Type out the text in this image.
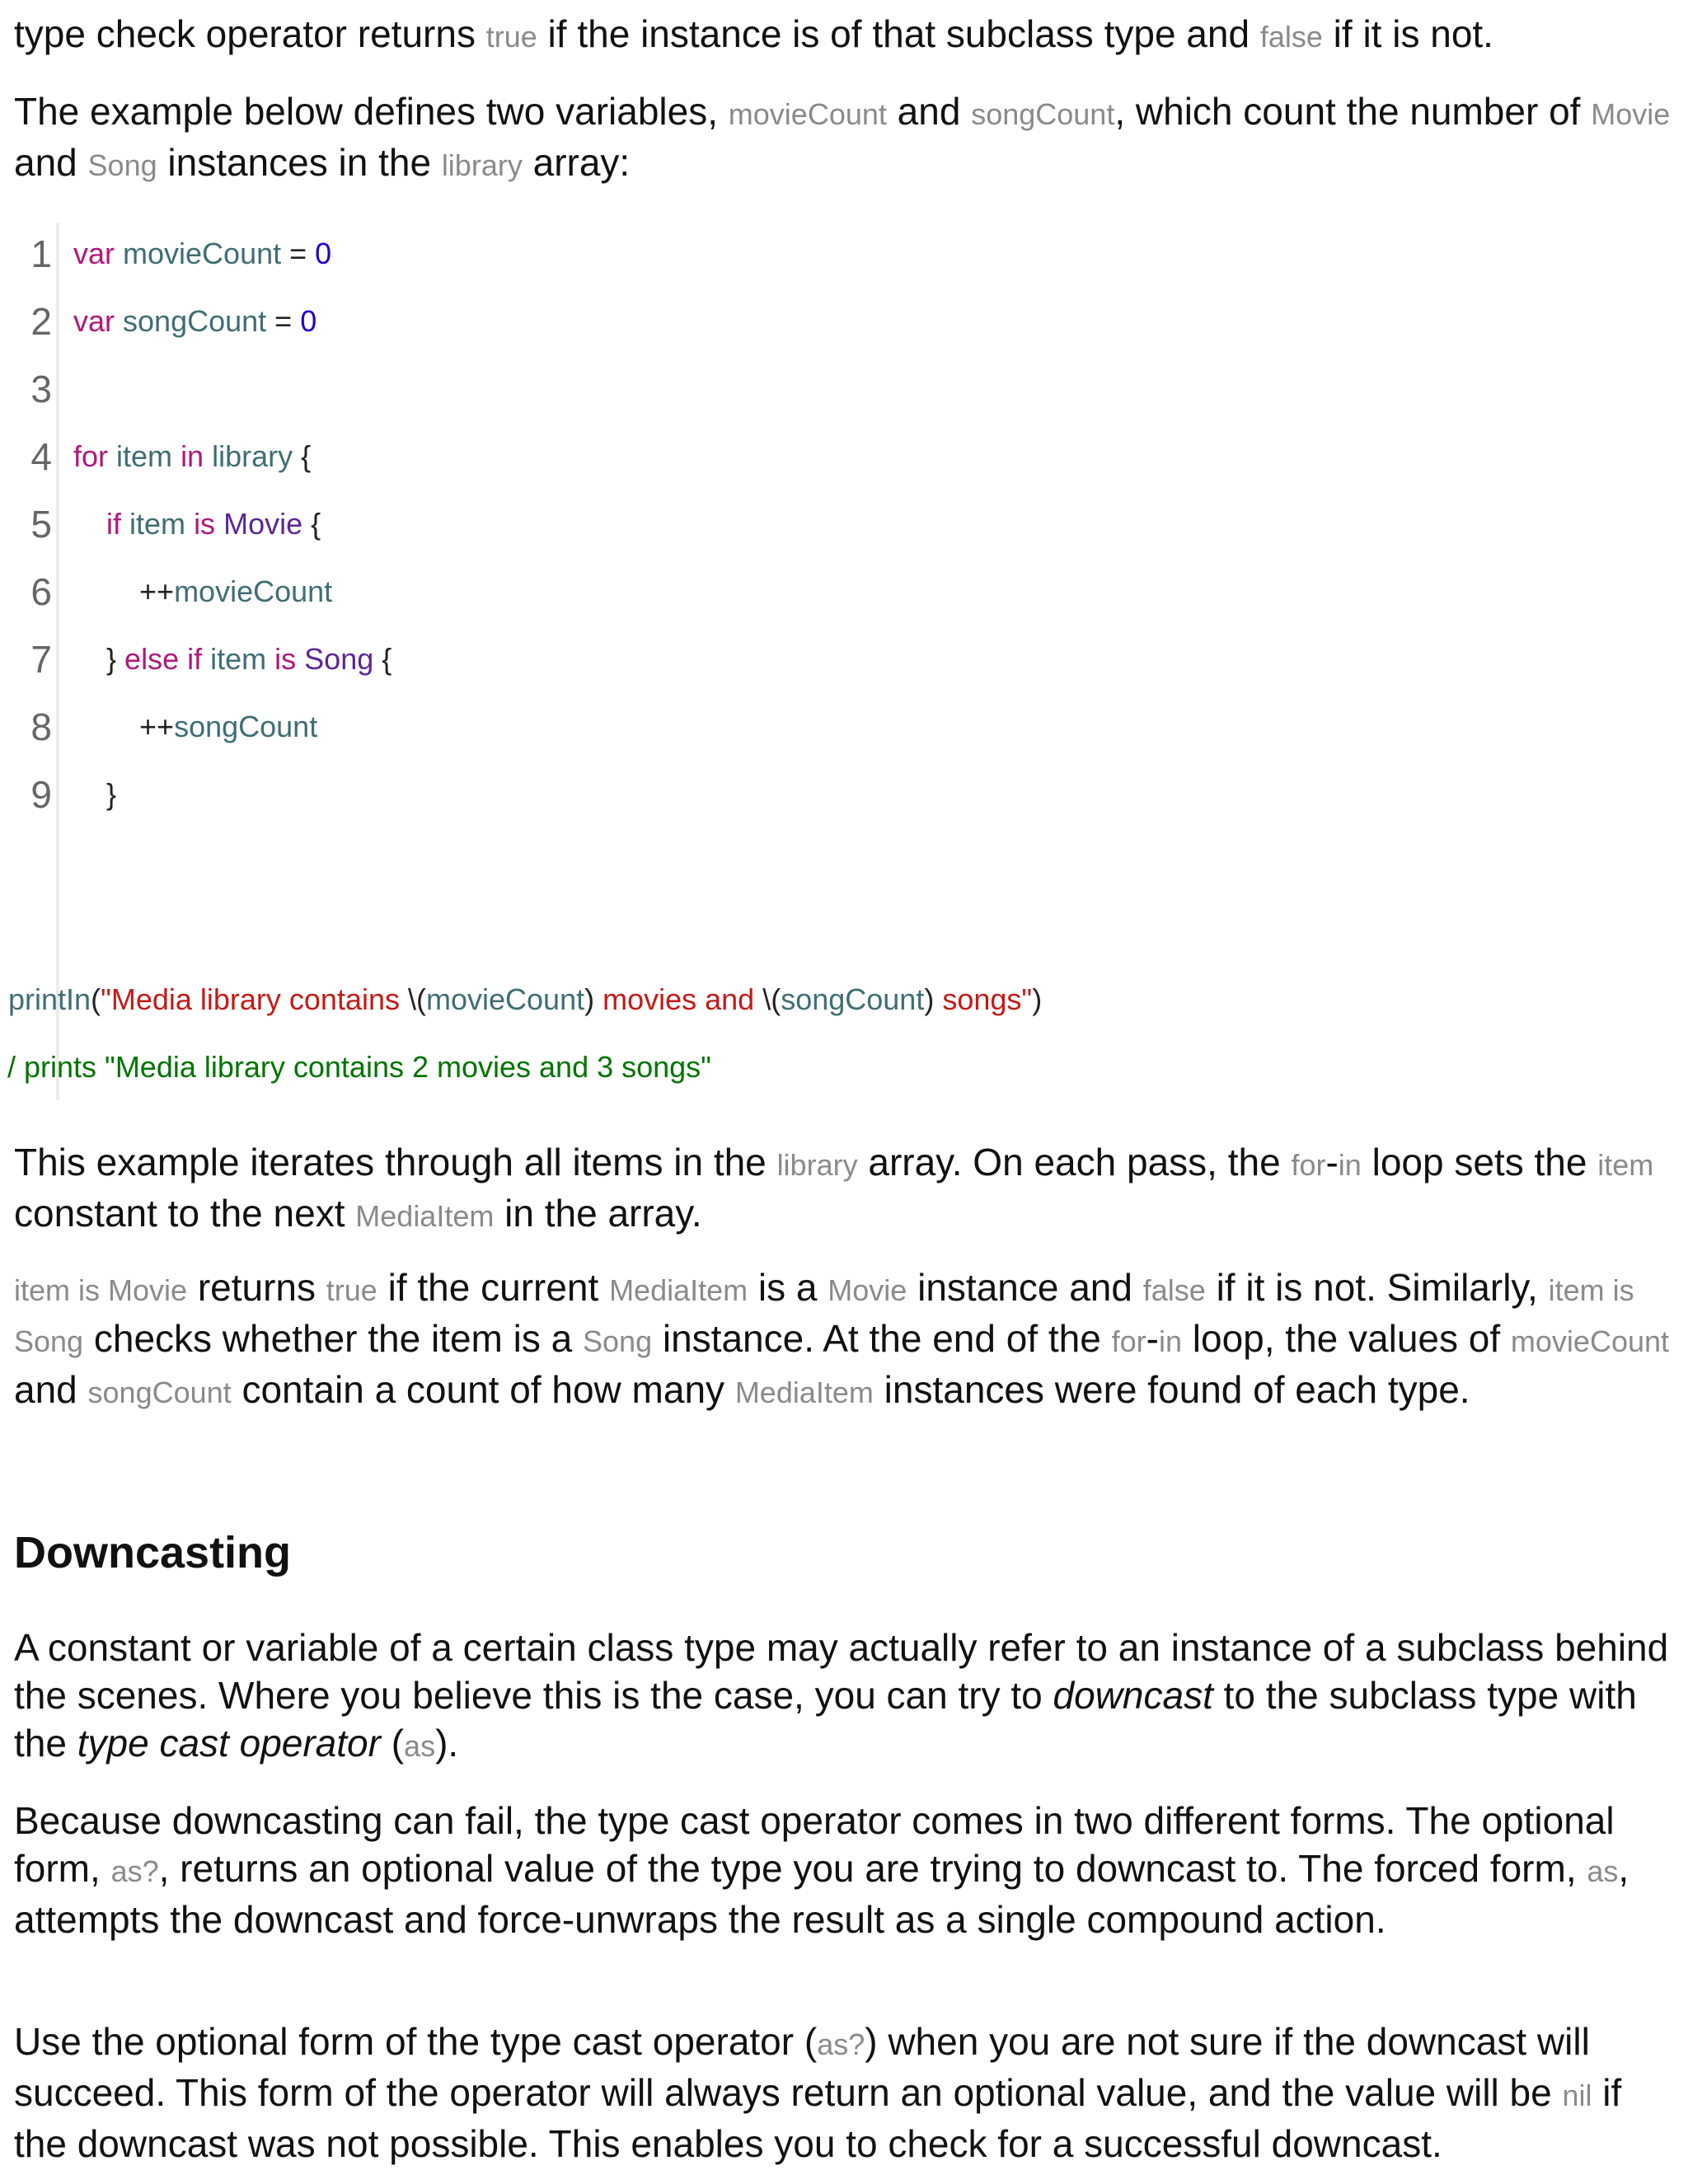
type check operator returns true if the instance is of that subclass type and false if it is not.

The example below defines two variables, movieCount and songCount, which count the number of Movie and Song instances in the library array:

1 var movieCount = 0
2 var songCount = 0
3
4 for item in library {
5	if item is Movie {
6 ++movieCount
7 } else if item is Song {
8 ++songCount
9 }
printIn("Media library contains \(movieCount) movies and \(songCount) songs")
/ prints "Media library contains 2 movies and 3 songs"

This example iterates through all items in the library array. On each pass, the for-in loop sets the item constant to the next MediaItem in the array.

item is Movie returns true if the current MediaItem is a Movie instance and false if it is not. Similarly, item is Song checks whether the item is a Song instance. At the end of the for-in loop, the values of movieCount and songCount contain a count of how many MediaItem instances were found of each type.

Downcasting

A constant or variable of a certain class type may actually refer to an instance of a subclass behind the scenes. Where you believe this is the case, you can try to downcast to the subclass type with the type cast operator (as).

Because downcasting can fail, the type cast operator comes in two different forms. The optional form, as?, returns an optional value of the type you are trying to downcast to. The forced form, as, attempts the downcast and force-unwraps the result as a single compound action.

Use the optional form of the type cast operator (as?) when you are not sure if the downcast will succeed. This form of the operator will always return an optional value, and the value will be nil if the downcast was not possible. This enables you to check for a successful downcast.
